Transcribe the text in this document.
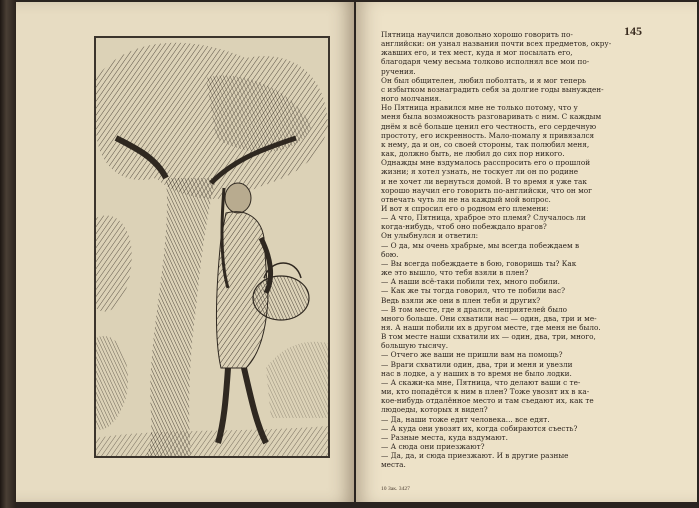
145

Пятница научился довольно хорошо говорить по-
английски: он узнал названия почти всех предметов, окру-
жавших его, и тех мест, куда я мог посылать его,
благодаря чему весьма толково исполнял все мои по-
ручения.

Он был общителен, любил поболтать, и я мог теперь
с избытком вознаградить себя за долгие годы вынужден-
ного молчания.

Но Пятница нравился мне не только потому, что у
меня была возможность разговаривать с ним. С каждым
днём я всё больше ценил его честность, его сердечную
простоту, его искренность. Мало-помалу я привязался
к нему, да и он, со своей стороны, так полюбил меня,
как, должно быть, не любил до сих пор никого.

Однажды мне вздумалось расспросить его о прошлой
жизни; я хотел узнать, не тоскует ли он по родине
и не хочет ли вернуться домой. В то время я уже так
хорошо научил его говорить по-английски, что он мог
отвечать чуть ли не на каждый мой вопрос.

И вот я спросил его о родном его племени:

— А что, Пятница, храброе это племя? Случалось ли
когда-нибудь, чтоб оно побеждало врагов?

Он улыбнулся и ответил:

— О да, мы очень храбрые, мы всегда побеждаем в
бою.

— Вы всегда побеждаете в бою, говоришь ты? Как
же это вышло, что тебя взяли в плен?

— А наши всё-таки побили тех, много побили.

— Как же ты тогда говорил, что те побили вас?
Ведь взяли же они в плен тебя и других?

— В том месте, где я дрался, неприятелей было
много больше. Они схватили нас — один, два, три и ме-
ня. А наши побили их в другом месте, где меня не было.
В том месте наши схватили их — один, два, три, много,
большую тысячу.

— Отчего же ваши не пришли вам на помощь?

— Враги схватили один, два, три и меня и увезли
нас в лодке, а у наших в то время не было лодки.

— А скажи-ка мне, Пятница, что делают ваши с те-
ми, кто попадётся к ним в плен? Тоже увозят их в ка-
кое-нибудь отдалённое место и там съедают их, как те
людоеды, которых я видел?

— Да, наши тоже едят человека... все едят.

— А куда они увозят их, когда собираются съесть?

— Разные места, куда вздумают.

— А сюда они приезжают?

— Да, да, и сюда приезжают. И в другие разные
места.

10 Зак. 3427
